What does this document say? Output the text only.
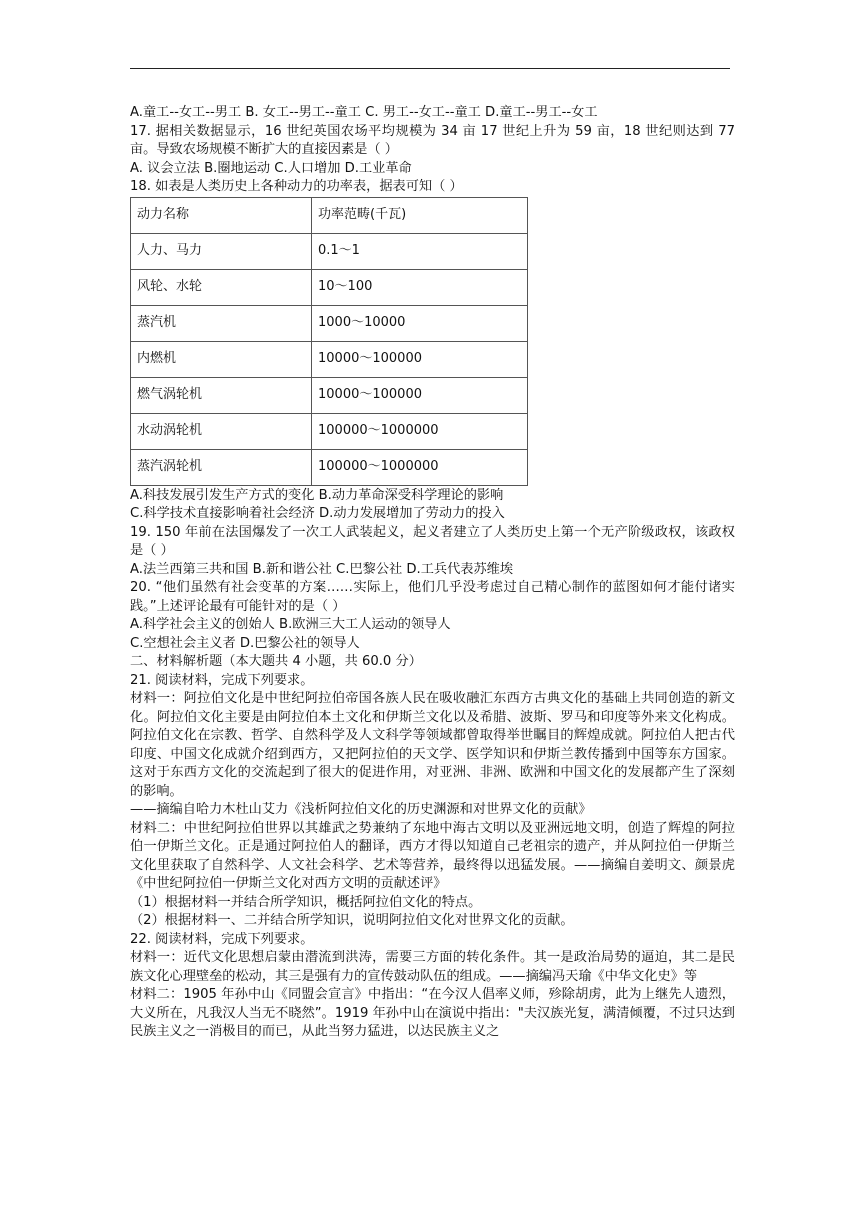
A.童工--女工--男工 B. 女工--男工--童工 C. 男工--女工--童工 D.童工--男工--女工

17. 据相关数据显示，16 世纪英国农场平均规模为 34 亩 17 世纪上升为 59 亩，18 世纪则达到 77 亩。导致农场规模不断扩大的直接因素是（ ）

A. 议会立法 B.圈地运动 C.人口增加 D.工业革命

18. 如表是人类历史上各种动力的功率表，据表可知（ ）

动力名称	功率范畴(千瓦)
人力、马力	0.1～1
风轮、水轮	10～100
蒸汽机	1000～10000
内燃机	10000～100000
燃气涡轮机	10000～100000
水动涡轮机	100000～1000000
蒸汽涡轮机	100000～1000000

A.科技发展引发生产方式的变化 B.动力革命深受科学理论的影响

C.科学技术直接影响着社会经济 D.动力发展增加了劳动力的投入

19. 150 年前在法国爆发了一次工人武装起义，起义者建立了人类历史上第一个无产阶级政权，该政权是（ ）

A.法兰西第三共和国 B.新和谐公社 C.巴黎公社 D.工兵代表苏维埃

20. “他们虽然有社会变革的方案……实际上，他们几乎没考虑过自己精心制作的蓝图如何才能付诸实践。”上述评论最有可能针对的是（ ）

A.科学社会主义的创始人 B.欧洲三大工人运动的领导人

C.空想社会主义者 D.巴黎公社的领导人

二、材料解析题（本大题共 4 小题，共 60.0 分）

21. 阅读材料，完成下列要求。

材料一：阿拉伯文化是中世纪阿拉伯帝国各族人民在吸收融汇东西方古典文化的基础上共同创造的新文化。阿拉伯文化主要是由阿拉伯本土文化和伊斯兰文化以及希腊、波斯、罗马和印度等外来文化构成。阿拉伯文化在宗教、哲学、自然科学及人文科学等领域都曾取得举世瞩目的辉煌成就。阿拉伯人把古代印度、中国文化成就介绍到西方，又把阿拉伯的天文学、医学知识和伊斯兰教传播到中国等东方国家。这对于东西方文化的交流起到了很大的促进作用，对亚洲、非洲、欧洲和中国文化的发展都产生了深刻的影响。

——摘编自哈力木杜山艾力《浅析阿拉伯文化的历史渊源和对世界文化的贡献》

材料二：中世纪阿拉伯世界以其雄武之势兼纳了东地中海古文明以及亚洲远地文明，创造了辉煌的阿拉伯一伊斯兰文化。正是通过阿拉伯人的翻译，西方才得以知道自己老祖宗的遗产，并从阿拉伯一伊斯兰文化里获取了自然科学、人文社会科学、艺术等营养，最终得以迅猛发展。——摘编自姜明文、颜景虎《中世纪阿拉伯一伊斯兰文化对西方文明的贡献述评》

（1）根据材料一并结合所学知识，概括阿拉伯文化的特点。

（2）根据材料一、二并结合所学知识，说明阿拉伯文化对世界文化的贡献。

22. 阅读材料，完成下列要求。

材料一：近代文化思想启蒙由潜流到洪涛，需要三方面的转化条件。其一是政治局势的逼迫，其二是民族文化心理壁垒的松动，其三是强有力的宣传鼓动队伍的组成。——摘编冯天瑜《中华文化史》等

材料二：1905 年孙中山《同盟会宣言》中指出：“在今汉人倡率义师，殄除胡虏，此为上继先人遗烈，大义所在，凡我汉人当无不晓然”。1919 年孙中山在演说中指出："夫汉族光复，满清倾覆，不过只达到民族主义之一消极目的而已，从此当努力猛进，以达民族主义之
